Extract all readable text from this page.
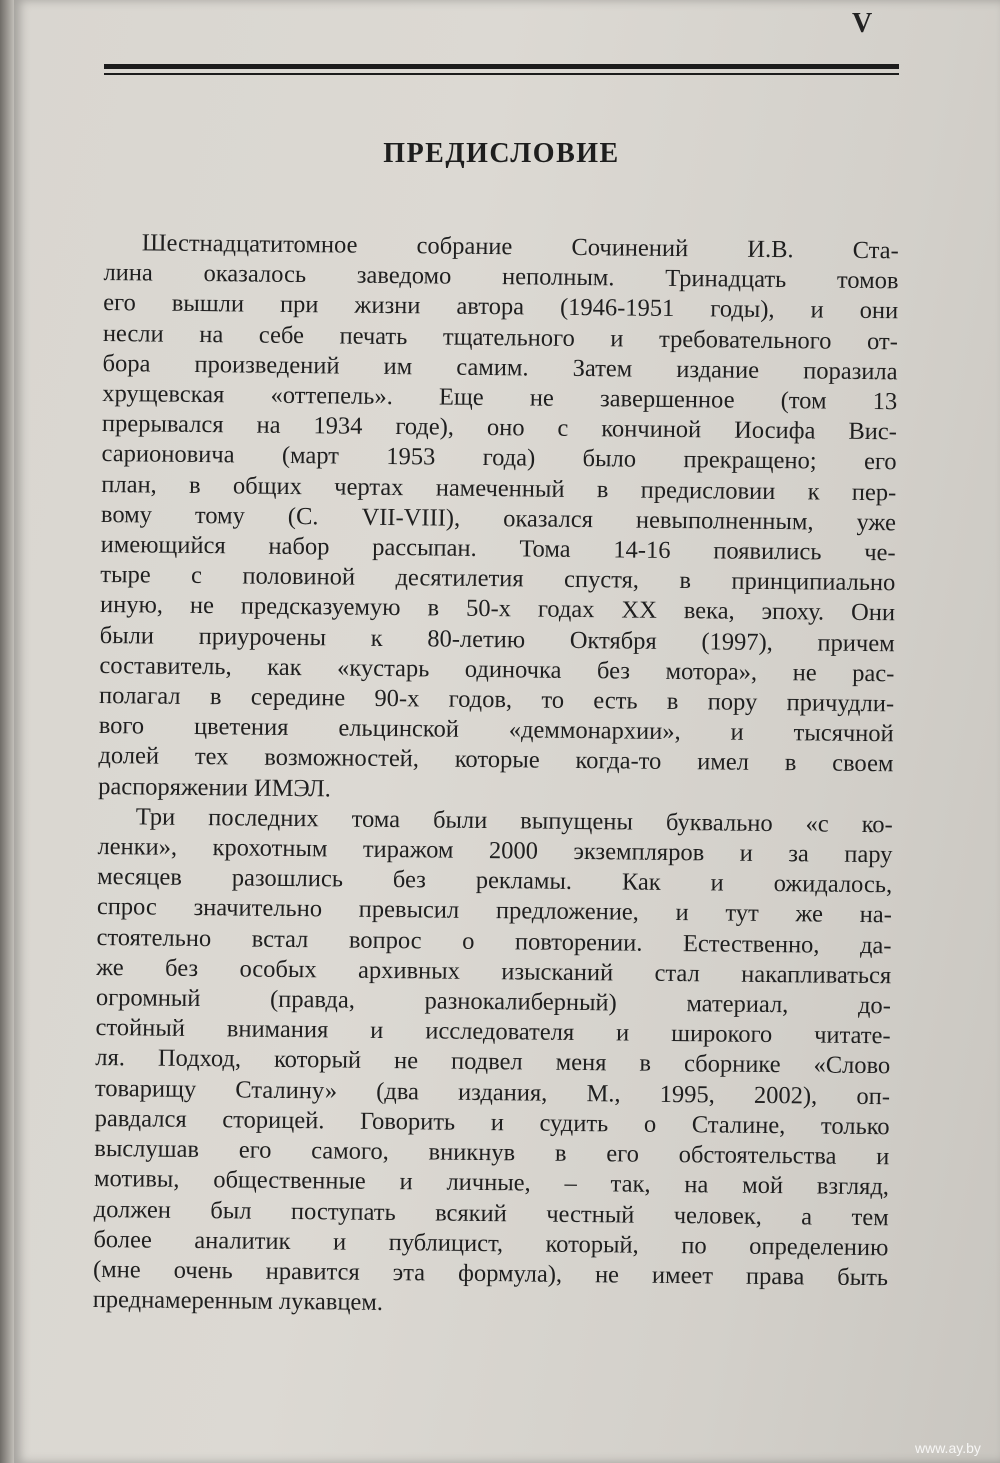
V
ПРЕДИСЛОВИЕ
Шестнадцатитомное собрание Сочинений И.В. Ста-
лина оказалось заведомо неполным. Тринадцать томов
его вышли при жизни автора (1946-1951 годы), и они
несли на себе печать тщательного и требовательного от-
бора произведений им самим. Затем издание поразила
хрущевская «оттепель». Еще не завершенное (том 13
прерывался на 1934 годе), оно с кончиной Иосифа Вис-
сарионовича (март 1953 года) было прекращено; его
план, в общих чертах намеченный в предисловии к пер-
вому тому (С. VII-VIII), оказался невыполненным, уже
имеющийся набор рассыпан. Тома 14-16 появились че-
тыре с половиной десятилетия спустя, в принципиально
иную, не предсказуемую в 50-х годах XX века, эпоху. Они
были приурочены к 80-летию Октября (1997), причем
составитель, как «кустарь одиночка без мотора», не рас-
полагал в середине 90-х годов, то есть в пору причудли-
вого цветения ельцинской «деммонархии», и тысячной
долей тех возможностей, которые когда-то имел в своем
распоряжении ИМЭЛ.
Три последних тома были выпущены буквально «с ко-
ленки», крохотным тиражом 2000 экземпляров и за пару
месяцев разошлись без рекламы. Как и ожидалось,
спрос значительно превысил предложение, и тут же на-
стоятельно встал вопрос о повторении. Естественно, да-
же без особых архивных изысканий стал накапливаться
огромный (правда, разнокалиберный) материал, до-
стойный внимания и исследователя и широкого читате-
ля. Подход, который не подвел меня в сборнике «Слово
товарищу Сталину» (два издания, М., 1995, 2002), оп-
равдался сторицей. Говорить и судить о Сталине, только
выслушав его самого, вникнув в его обстоятельства и
мотивы, общественные и личные, – так, на мой взгляд,
должен был поступать всякий честный человек, а тем
более аналитик и публицист, который, по определению
(мне очень нравится эта формула), не имеет права быть
преднамеренным лукавцем.
www.ay.by
